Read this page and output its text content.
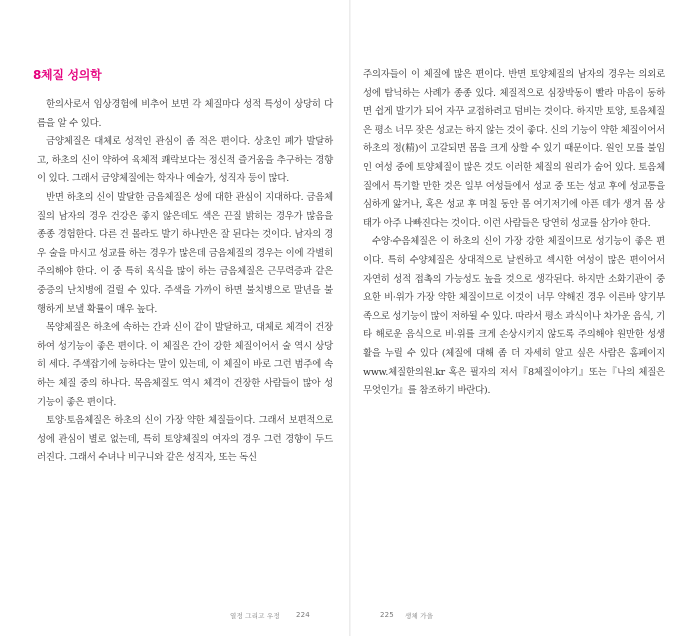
8체질 성의학

한의사로서 임상경험에 비추어 보면 각 체질마다 성적 특성이 상당히 다름을 알 수 있다.

금양체질은 대체로 성적인 관심이 좀 적은 편이다. 상초인 폐가 발달하고, 하초의 신이 약하여 육체적 쾌락보다는 정신적 즐거움을 추구하는 경향이 있다. 그래서 금양체질에는 학자나 예술가, 성직자 등이 많다.

반면 하초의 신이 발달한 금음체질은 성에 대한 관심이 지대하다. 금음체질의 남자의 경우 건강은 좋지 않은데도 색은 끈질 밝히는 경우가 많음을 종종 경험한다. 다른 건 몰라도 발기 하나만은 잘 된다는 것이다. 남자의 경우 술을 마시고 성교를 하는 경우가 많은데 금음체질의 경우는 이에 각별히 주의해야 한다. 이 중 특히 육식을 많이 하는 금음체질은 근무력증과 같은 중증의 난치병에 걸릴 수 있다. 주색을 가까이 하면 불치병으로 말년을 불행하게 보낼 확률이 매우 높다.

목양체질은 하초에 속하는 간과 신이 같이 발달하고, 대체로 체격이 건장하여 성기능이 좋은 편이다. 이 체질은 간이 강한 체질이어서 술 역시 상당히 세다. 주색잡기에 능하다는 말이 있는데, 이 체질이 바로 그런 범주에 속하는 체질 중의 하나다. 목음체질도 역시 체격이 건장한 사람들이 많아 성기능이 좋은 편이다.

토양·토음체질은 하초의 신이 가장 약한 체질들이다. 그래서 보편적으로 성에 관심이 별로 없는데, 특히 토양체질의 여자의 경우 그런 경향이 두드러진다. 그래서 수녀나 비구니와 같은 성직자, 또는 독신

열정 그리고 우정 224

주의자들이 이 체질에 많은 편이다. 반면 토양체질의 남자의 경우는 의외로 성에 탐닉하는 사례가 종종 있다. 체질적으로 심장박동이 빨라 마음이 동하면 쉽게 발기가 되어 자꾸 교접하려고 덤비는 것이다. 하지만 토양, 토음체질은 평소 너무 잦은 성교는 하지 않는 것이 좋다. 신의 기능이 약한 체질이어서 하초의 정(精)이 고갈되면 몸을 크게 상할 수 있기 때문이다. 원인 모를 불임인 여성 중에 토양체질이 많은 것도 이러한 체질의 원리가 숨어 있다. 토음체질에서 특기할 만한 것은 일부 여성들에서 성교 중 또는 성교 후에 성교통을 심하게 앓거나, 혹은 성교 후 며칠 동안 몸 여기저기에 아픈 데가 생겨 몸 상태가 아주 나빠진다는 것이다. 이런 사람들은 당연히 성교를 삼가야 한다.

수양·수음체질은 이 하초의 신이 가장 강한 체질이므로 성기능이 좋은 편이다. 특히 수양체질은 상대적으로 날씬하고 섹시한 여성이 많은 편이어서 자연히 성적 접촉의 가능성도 높을 것으로 생각된다. 하지만 소화기관이 중요한 비·위가 가장 약한 체질이므로 이것이 너무 약해진 경우 이른바 양기부족으로 성기능이 많이 저하될 수 있다. 따라서 평소 과식이나 차가운 음식, 기타 해로운 음식으로 비·위를 크게 손상시키지 않도록 주의해야 원만한 성생활을 누릴 수 있다 (체질에 대해 좀 더 자세히 알고 싶은 사람은 홈페이지 www.체질한의원.kr 혹은 필자의 저서『8체질이야기』또는『나의 체질은 무엇인가』를 참조하기 바란다).

225 생체 가을
